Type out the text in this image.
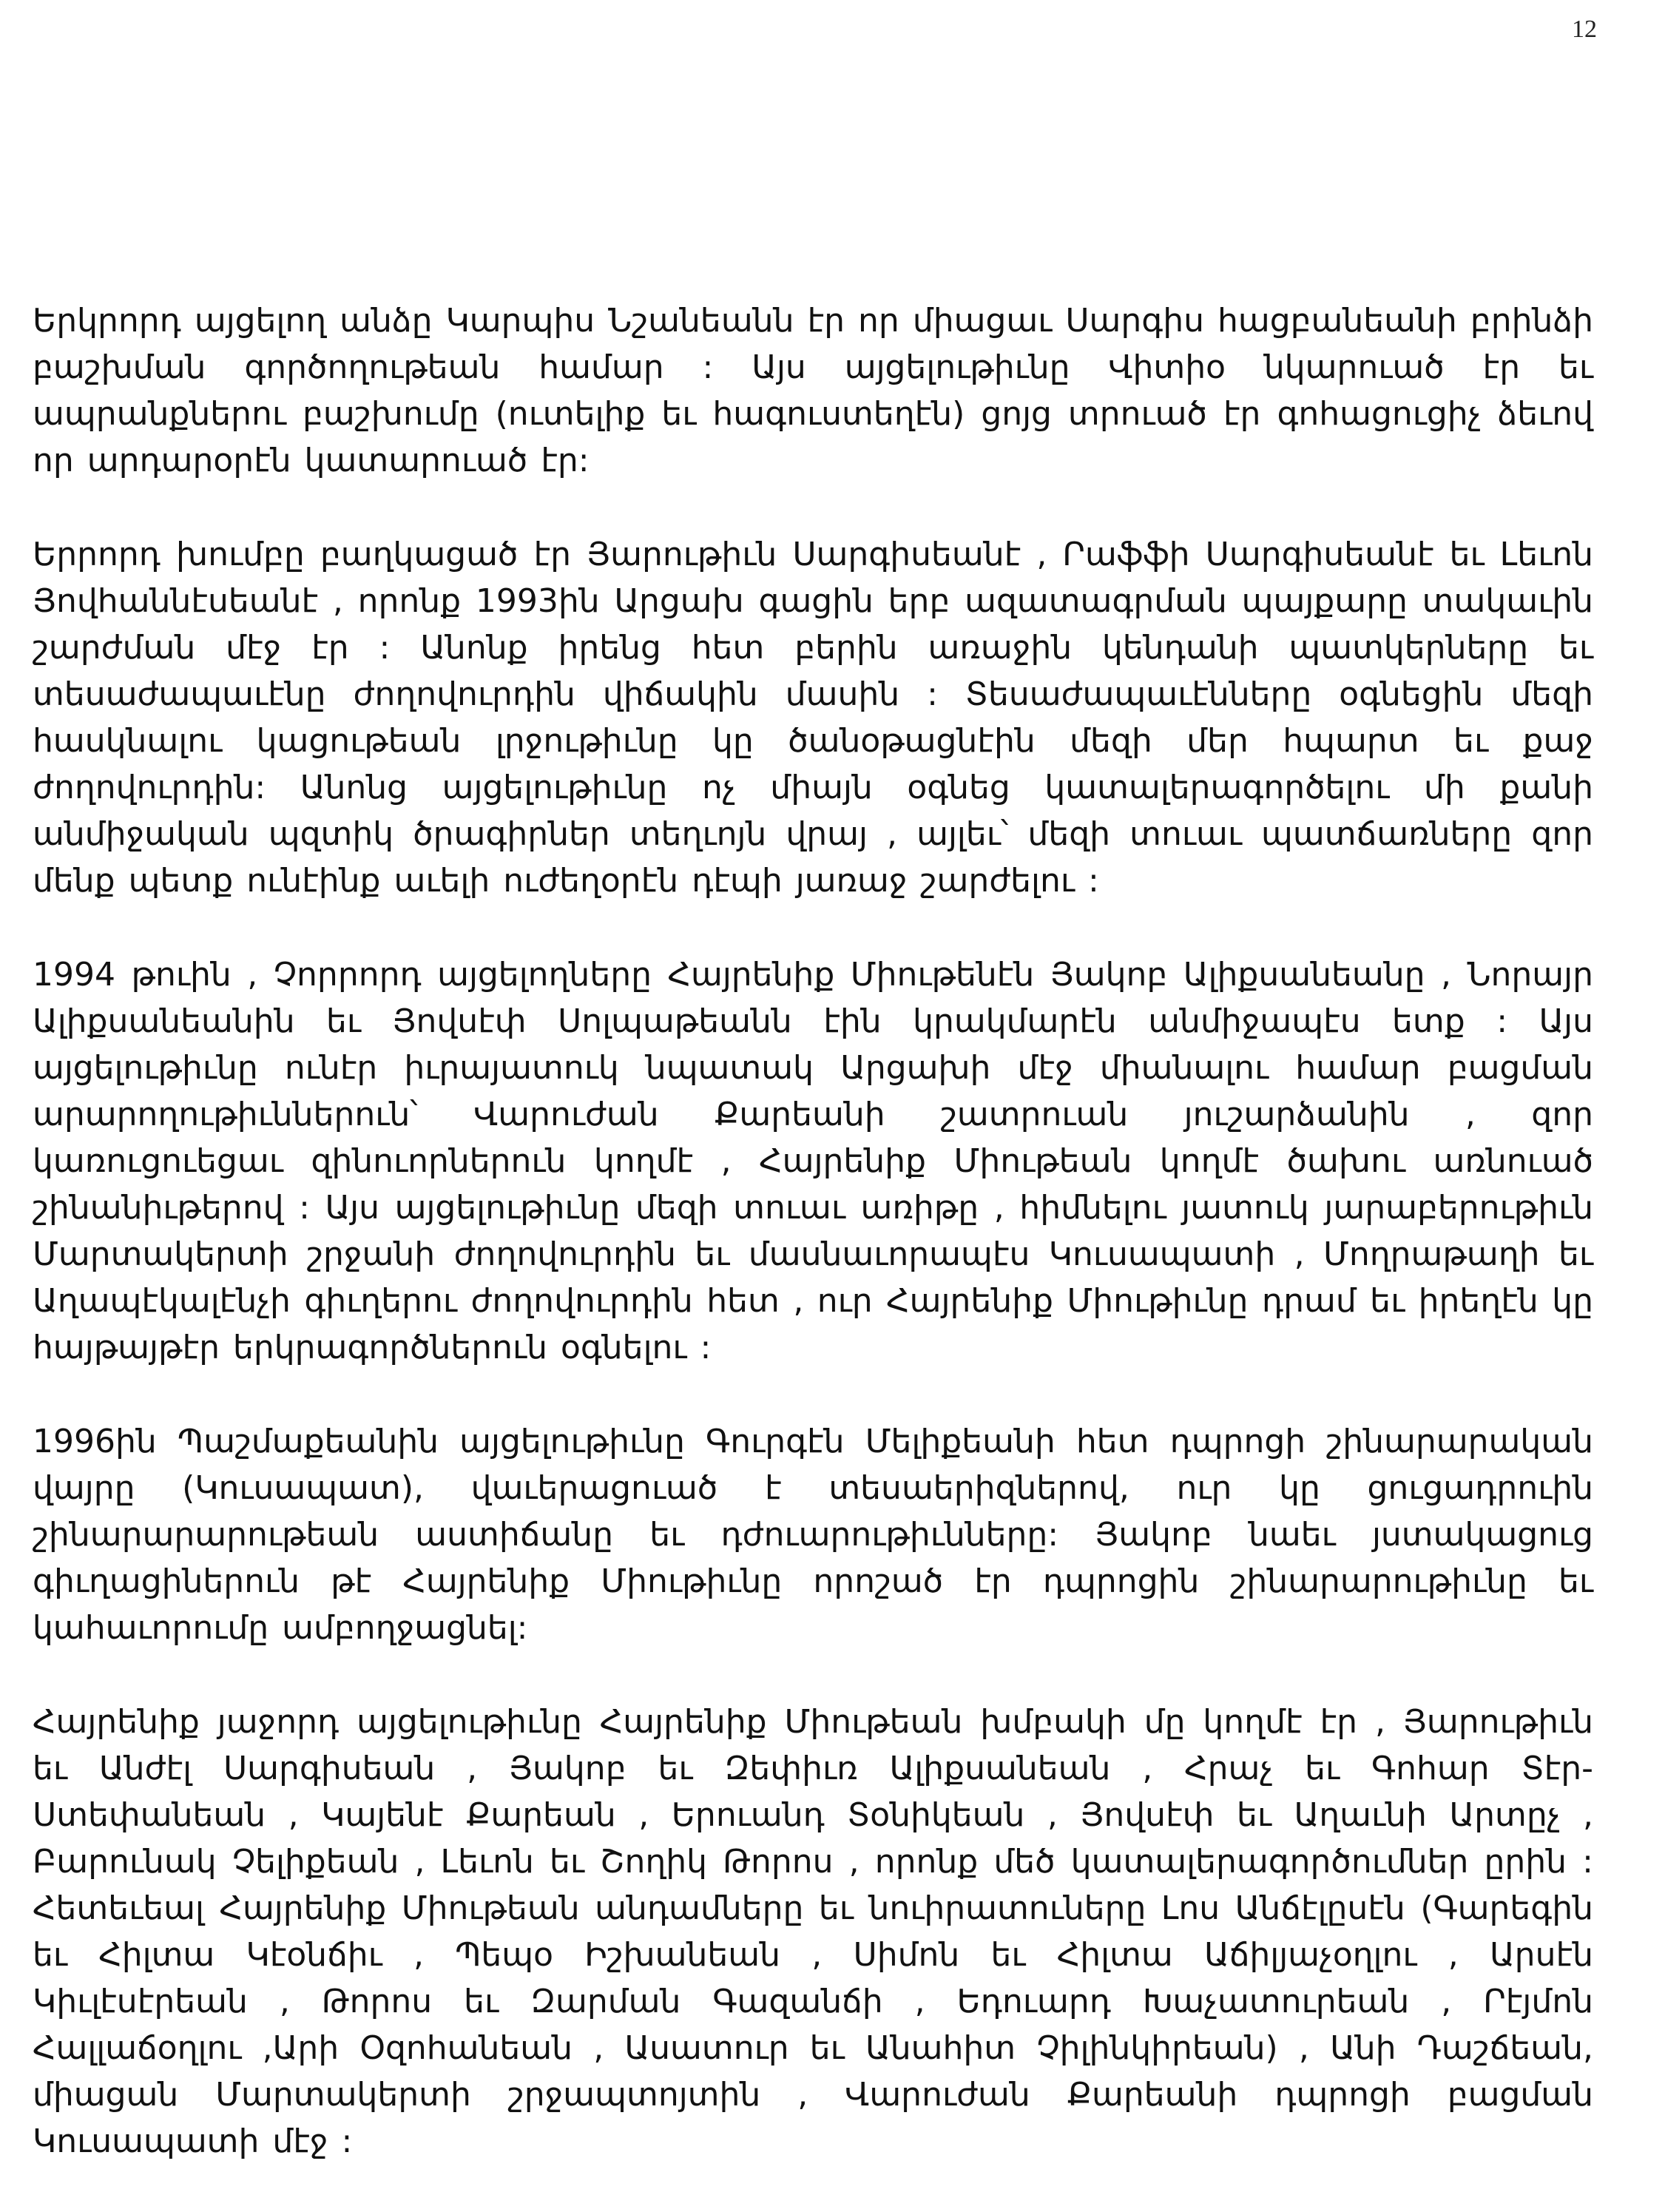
12

Երկրորդ այցելող անձը Կարպիս Նշանեանն էր որ միացաւ Սարգիս հացբանեանի բրինձի բաշխման գործողութեան համար : Այս այցելութիւնը Վիտիօ նկարուած էր եւ ապրանքներու բաշխումը (ուտելիք եւ հագուստեղէն) ցոյց տրուած էր գոհացուցիչ ձեւով որ արդարօրէն կատարուած էր:

Երրորդ խումբը բաղկացած էր Յարութիւն Սարգիսեանէ , Րաֆֆի Սարգիսեանէ եւ Լեւոն Յովհաննէսեանէ , որոնք 1993ին Արցախ գացին երբ ազատագրման պայքարը տակաւին շարժման մէջ էր : Անոնք իրենց հետ բերին առաջին կենդանի պատկերները եւ տեսաժապաւէնը ժողովուրդին վիճակին մասին : Տեսաժապաւէնները օգնեցին մեզի հասկնալու կացութեան լրջութիւնը կը ծանօթացնէին մեզի մեր հպարտ եւ քաջ ժողովուրդին: Անոնց այցելութիւնը ոչ միայն օգնեց կատալերագործելու մի քանի անմիջական պզտիկ ծրագիրներ տեղւոյն վրայ , այլեւ՝ մեզի տուաւ պատճառները զոր մենք պետք ունէինք աւելի ուժեղօրէն դէպի յառաջ շարժելու :

1994 թուին , Չորրորդ այցելողները Հայրենիք Միութենէն Յակոբ Ալիքսանեանը , Նորայր Ալիքսանեանին եւ Յովսէփ Սոլպաթեանն էին կրակմարէն անմիջապէս ետք : Այս այցելութիւնը ունէր իւրայատուկ նպատակ Արցախի մէջ միանալու համար բացման արարողութիւններուն՝ Վարուժան Քարեանի շատրուան յուշարձանին , զոր կառուցուեցաւ զինուորներուն կողմէ , Հայրենիք Միութեան կողմէ ծախու առնուած շինանիւթերով : Այս այցելութիւնը մեզի տուաւ առիթը , հիմնելու յատուկ յարաբերութիւն Մարտակերտի շրջանի ժողովուրդին եւ մասնաւորապէս Կուսապատի , Մողրաթաղի եւ Աղապէկալէնչի գիւղերու ժողովուրդին հետ , ուր Հայրենիք Միութիւնը դրամ եւ իրեղէն կը հայթայթէր երկրագործներուն օգնելու :

1996ին Պաշմաքեանին այցելութիւնը Գուրգէն Մելիքեանի հետ դպրոցի շինարարական վայրը (Կուսապատ), վաւերացուած է տեսաերիզներով, ուր կը ցուցադրուին շինարարարութեան աստիճանը եւ դժուարութիւնները: Յակոբ նաեւ յստակացուց գիւղացիներուն թէ Հայրենիք Միութիւնը որոշած էր դպրոցին շինարարութիւնը եւ կահաւորումը ամբողջացնել:

Հայրենիք յաջորդ այցելութիւնը Հայրենիք Միութեան խմբակի մը կողմէ էր , Յարութիւն եւ Անժէլ Սարգիսեան , Յակոբ եւ Զեփիւռ Ալիքսանեան , Հրաչ եւ Գոհար Տէր-Ստեփանեան , Կայենէ Քարեան , Երուանդ Տօնիկեան , Յովսէփ եւ Աղաւնի Արտըչ , Բարունակ Չելիքեան , Լեւոն եւ Շողիկ Թորոս , որոնք մեծ կատալերագործումներ ըրին : Հետեւեալ Հայրենիք Միութեան անդամները եւ նուիրատուները Լոս Անճէլըսէն (Գարեգին եւ Հիլտա Կէօնճիւ , Պեպօ Իշխանեան , Սիմոն եւ Հիլտա Աճիլյաչօղլու , Արսէն Կիւլէսէրեան , Թորոս եւ Զարման Գազանճի , Եդուարդ Խաչատուրեան , Րէյմոն Հալլաճօղլու ,Արի Օզոհանեան , Ասատուր եւ Անահիտ Չիլինկիրեան) , Անի Դաշճեան, միացան Մարտակերտի շրջապտոյտին , Վարուժան Քարեանի դպրոցի բացման Կուսապատի մէջ :
